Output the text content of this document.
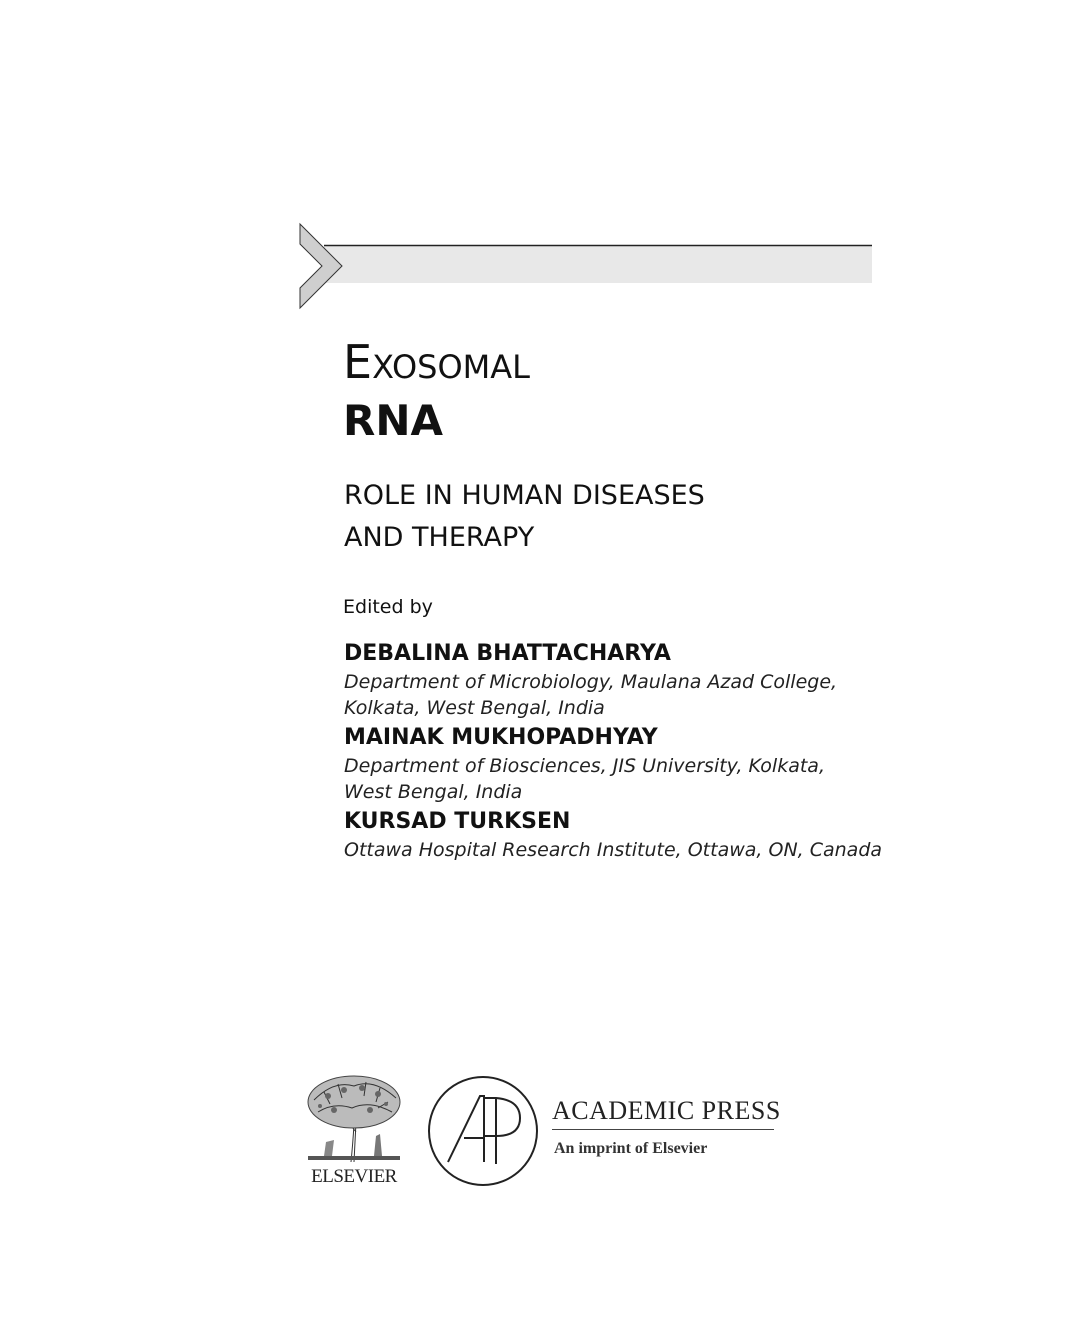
Exosomal
RNA
ROLE IN HUMAN DISEASES
AND THERAPY
Edited by
DEBALINA BHATTACHARYA
Department of Microbiology, Maulana Azad College,
Kolkata, West Bengal, India
MAINAK MUKHOPADHYAY
Department of Biosciences, JIS University, Kolkata,
West Bengal, India
KURSAD TURKSEN
Ottawa Hospital Research Institute, Ottawa, ON, Canada
ELSEVIER
ACADEMIC PRESS
An imprint of Elsevier
